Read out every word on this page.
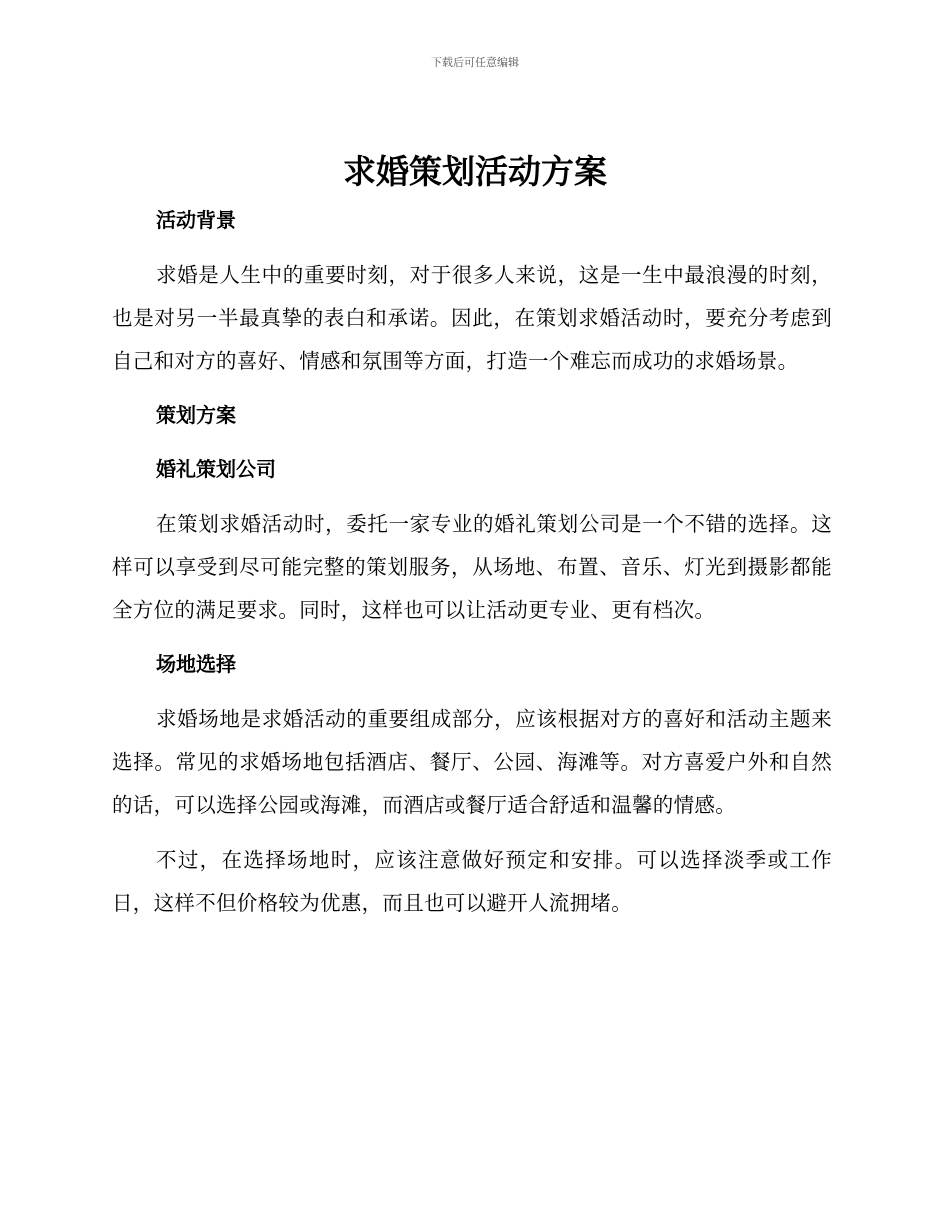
下载后可任意编辑
求婚策划活动方案
活动背景

求婚是人生中的重要时刻，对于很多人来说，这是一生中最浪漫的时刻，也是对另一半最真挚的表白和承诺。因此，在策划求婚活动时，要充分考虑到自己和对方的喜好、情感和氛围等方面，打造一个难忘而成功的求婚场景。

策划方案
婚礼策划公司

在策划求婚活动时，委托一家专业的婚礼策划公司是一个不错的选择。这样可以享受到尽可能完整的策划服务，从场地、布置、音乐、灯光到摄影都能全方位的满足要求。同时，这样也可以让活动更专业、更有档次。

场地选择

求婚场地是求婚活动的重要组成部分，应该根据对方的喜好和活动主题来选择。常见的求婚场地包括酒店、餐厅、公园、海滩等。对方喜爱户外和自然的话，可以选择公园或海滩，而酒店或餐厅适合舒适和温馨的情感。

不过，在选择场地时，应该注意做好预定和安排。可以选择淡季或工作日，这样不但价格较为优惠，而且也可以避开人流拥堵。
